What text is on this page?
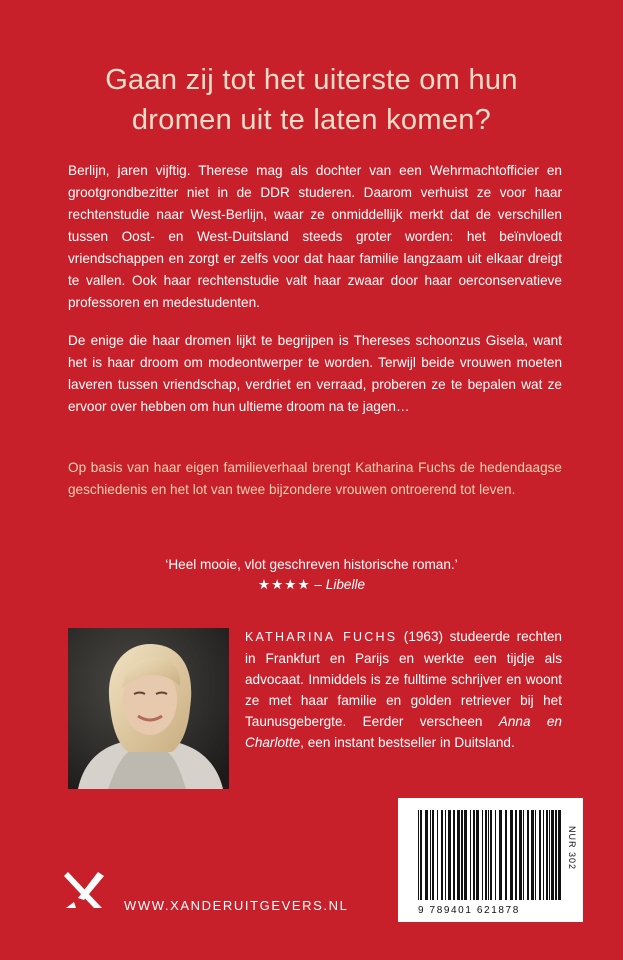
Gaan zij tot het uiterste om hun
dromen uit te laten komen?
Berlijn, jaren vijftig. Therese mag als dochter van een Wehrmachtofficier en grootgrondbezitter niet in de DDR studeren. Daarom verhuist ze voor haar rechtenstudie naar West-Berlijn, waar ze onmiddellijk merkt dat de verschillen tussen Oost- en West-Duitsland steeds groter worden: het beïnvloedt vriendschappen en zorgt er zelfs voor dat haar familie langzaam uit elkaar dreigt te vallen. Ook haar rechtenstudie valt haar zwaar door haar oerconservatieve professoren en medestudenten.
De enige die haar dromen lijkt te begrijpen is Thereses schoonzus Gisela, want het is haar droom om modeontwerper te worden. Terwijl beide vrouwen moeten laveren tussen vriendschap, verdriet en verraad, proberen ze te bepalen wat ze ervoor over hebben om hun ultieme droom na te jagen…
Op basis van haar eigen familieverhaal brengt Katharina Fuchs de hedendaagse geschiedenis en het lot van twee bijzondere vrouwen ontroerend tot leven.
‘Heel mooie, vlot geschreven historische roman.’
★★★★ – Libelle
KATHARINA FUCHS (1963) studeerde rechten in Frankfurt en Parijs en werkte een tijdje als advocaat. Inmiddels is ze fulltime schrijver en woont ze met haar familie en golden retriever bij het Taunusgebergte. Eerder verscheen Anna en Charlotte, een instant bestseller in Duitsland.
NUR 302
9 789401 621878
WWW.XANDERUITGEVERS.NL
